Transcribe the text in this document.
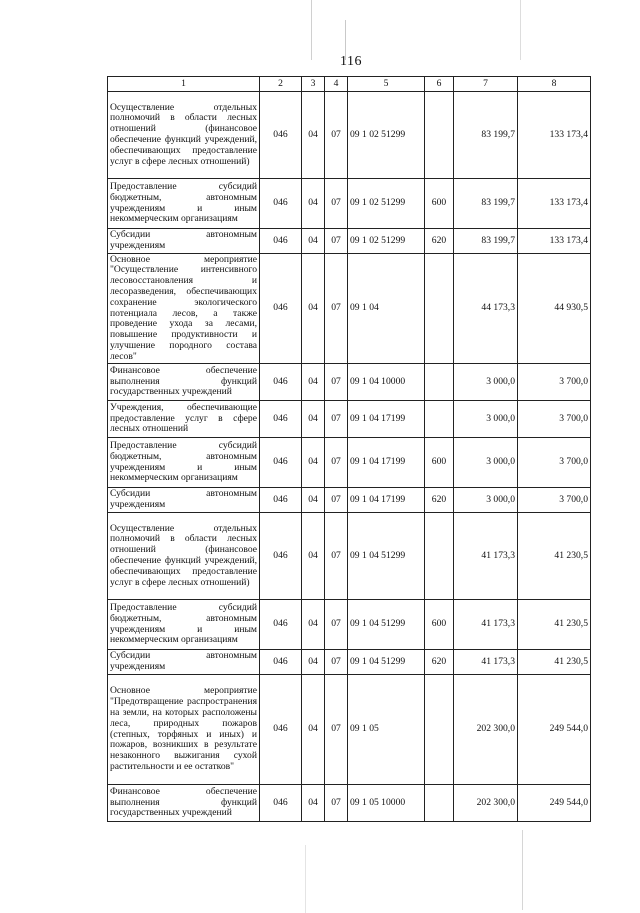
116
1	2	3	4	5	6	7	8
Осуществление отдельных полномочий в области лесных отношений (финансовое обеспечение функций учреждений, обеспечивающих предоставление услуг в сфере лесных отношений)	046	04	07	09 1 02 51299		83 199,7	133 173,4
Предоставление субсидий бюджетным, автономным учреждениям и иным некоммерческим организациям	046	04	07	09 1 02 51299	600	83 199,7	133 173,4
Субсидии автономным учреждениям	046	04	07	09 1 02 51299	620	83 199,7	133 173,4
Основное мероприятие "Осуществление интенсивного лесовосстановления и лесоразведения, обеспечивающих сохранение экологического потенциала лесов, а также проведение ухода за лесами, повышение продуктивности и улучшение породного состава лесов"	046	04	07	09 1 04		44 173,3	44 930,5
Финансовое обеспечение выполнения функций государственных учреждений	046	04	07	09 1 04 10000		3 000,0	3 700,0
Учреждения, обеспечивающие предоставление услуг в сфере лесных отношений	046	04	07	09 1 04 17199		3 000,0	3 700,0
Предоставление субсидий бюджетным, автономным учреждениям и иным некоммерческим организациям	046	04	07	09 1 04 17199	600	3 000,0	3 700,0
Субсидии автономным учреждениям	046	04	07	09 1 04 17199	620	3 000,0	3 700,0
Осуществление отдельных полномочий в области лесных отношений (финансовое обеспечение функций учреждений, обеспечивающих предоставление услуг в сфере лесных отношений)	046	04	07	09 1 04 51299		41 173,3	41 230,5
Предоставление субсидий бюджетным, автономным учреждениям и иным некоммерческим организациям	046	04	07	09 1 04 51299	600	41 173,3	41 230,5
Субсидии автономным учреждениям	046	04	07	09 1 04 51299	620	41 173,3	41 230,5
Основное мероприятие "Предотвращение распространения на земли, на которых расположены леса, природных пожаров (степных, торфяных и иных) и пожаров, возникших в результате незаконного выжигания сухой растительности и ее остатков"	046	04	07	09 1 05		202 300,0	249 544,0
Финансовое обеспечение выполнения функций государственных учреждений	046	04	07	09 1 05 10000		202 300,0	249 544,0
